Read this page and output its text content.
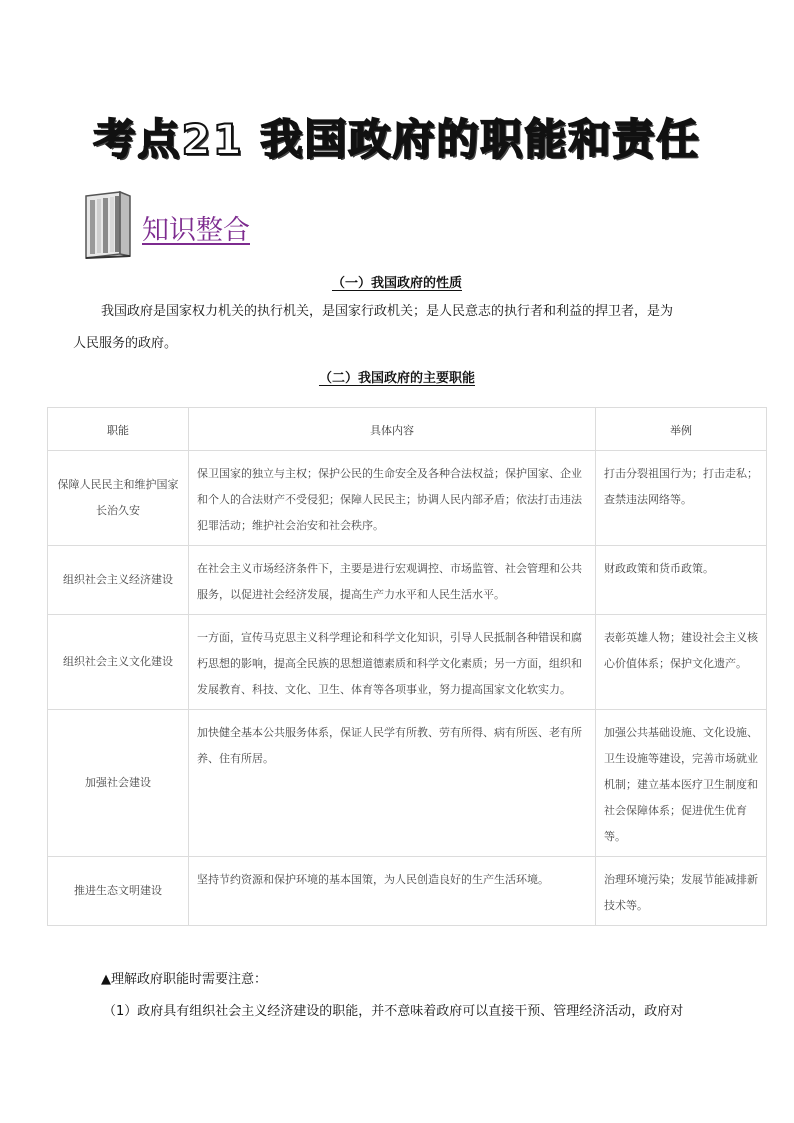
考点21 我国政府的职能和责任
知识整合
（一）我国政府的性质
我国政府是国家权力机关的执行机关，是国家行政机关；是人民意志的执行者和利益的捍卫者，是为
人民服务的政府。
（二）我国政府的主要职能
职能	具体内容	举例
保障人民民主和维护国家长治久安	保卫国家的独立与主权；保护公民的生命安全及各种合法权益；保护国家、企业和个人的合法财产不受侵犯；保障人民民主；协调人民内部矛盾；依法打击违法犯罪活动；维护社会治安和社会秩序。	打击分裂祖国行为；打击走私；查禁违法网络等。
组织社会主义经济建设	在社会主义市场经济条件下，主要是进行宏观调控、市场监管、社会管理和公共服务，以促进社会经济发展，提高生产力水平和人民生活水平。	财政政策和货币政策。
组织社会主义文化建设	一方面，宣传马克思主义科学理论和科学文化知识，引导人民抵制各种错误和腐朽思想的影响，提高全民族的思想道德素质和科学文化素质；另一方面，组织和发展教育、科技、文化、卫生、体育等各项事业，努力提高国家文化软实力。	表彰英雄人物；建设社会主义核心价值体系；保护文化遗产。
加强社会建设	加快健全基本公共服务体系，保证人民学有所教、劳有所得、病有所医、老有所养、住有所居。	加强公共基础设施、文化设施、卫生设施等建设，完善市场就业机制；建立基本医疗卫生制度和社会保障体系；促进优生优育等。
推进生态文明建设	坚持节约资源和保护环境的基本国策，为人民创造良好的生产生活环境。	治理环境污染；发展节能减排新技术等。
▲理解政府职能时需要注意：
（1）政府具有组织社会主义经济建设的职能，并不意味着政府可以直接干预、管理经济活动，政府对
